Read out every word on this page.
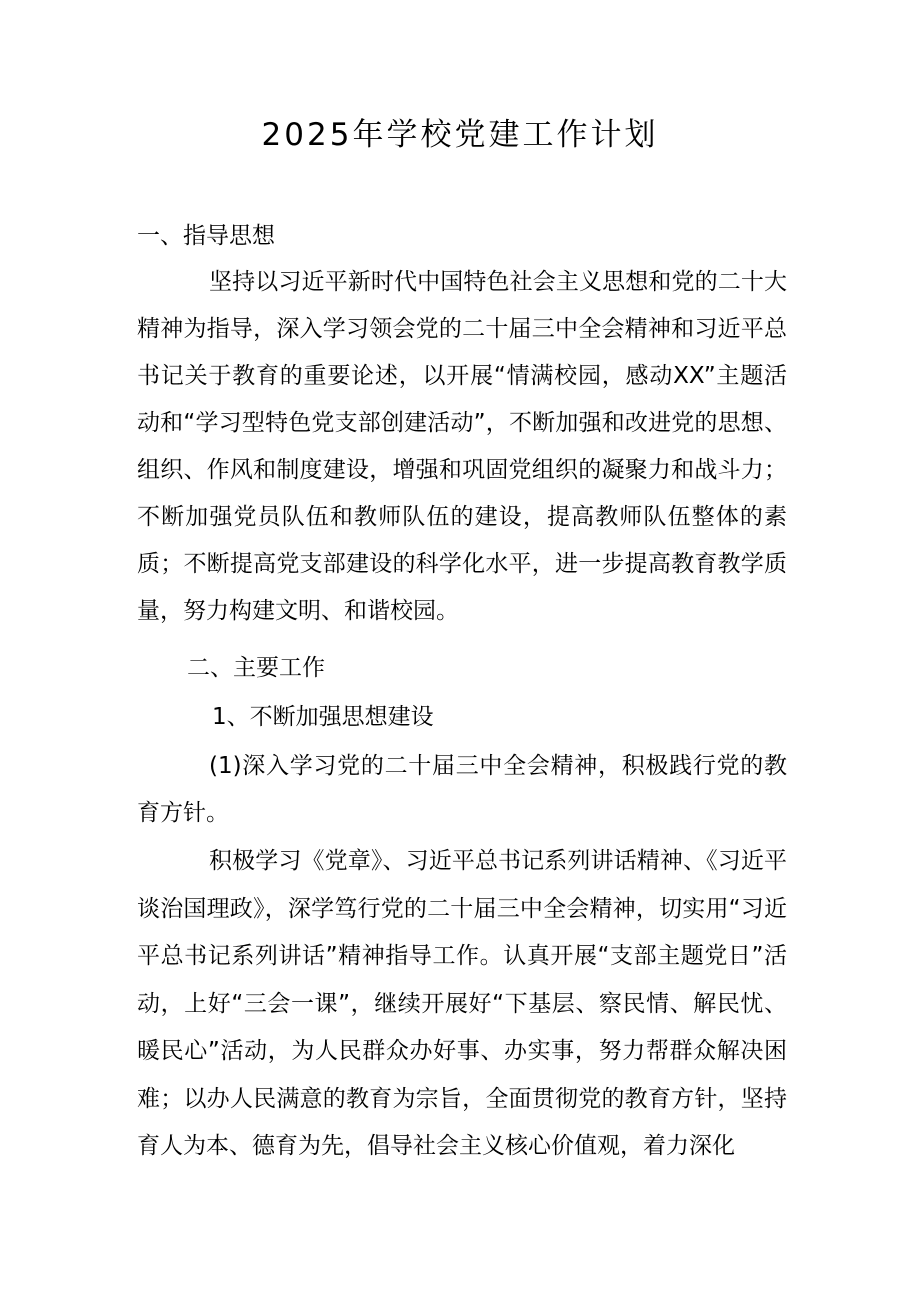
2025年学校党建工作计划
一、指导思想

坚持以习近平新时代中国特色社会主义思想和党的二十大精神为指导，深入学习领会党的二十届三中全会精神和习近平总书记关于教育的重要论述，以开展“情满校园，感动XX”主题活动和“学习型特色党支部创建活动”，不断加强和改进党的思想、组织、作风和制度建设，增强和巩固党组织的凝聚力和战斗力；不断加强党员队伍和教师队伍的建设，提高教师队伍整体的素质；不断提高党支部建设的科学化水平，进一步提高教育教学质量，努力构建文明、和谐校园。

二、主要工作
1、不断加强思想建设

(1)深入学习党的二十届三中全会精神，积极践行党的教育方针。

积极学习《党章》、习近平总书记系列讲话精神、《习近平谈治国理政》，深学笃行党的二十届三中全会精神，切实用“习近平总书记系列讲话”精神指导工作。认真开展“支部主题党日”活动，上好“三会一课”，继续开展好“下基层、察民情、解民忧、暖民心”活动，为人民群众办好事、办实事，努力帮群众解决困难；以办人民满意的教育为宗旨，全面贯彻党的教育方针，坚持育人为本、德育为先，倡导社会主义核心价值观，着力深化
